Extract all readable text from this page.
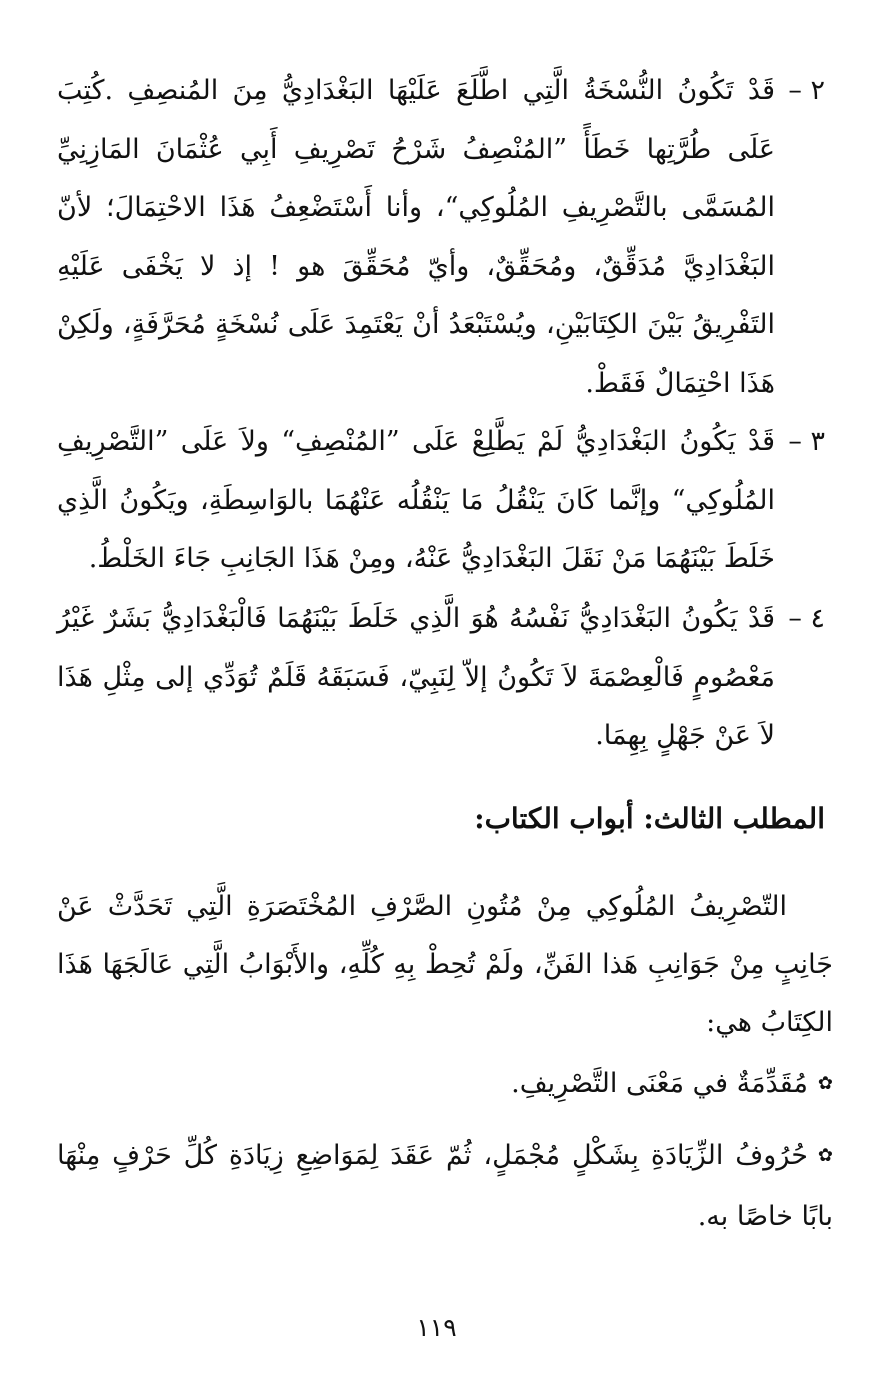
٢ –
قَدْ تَكُونُ النُّسْخَةُ الَّتِي اطَّلَعَ عَلَيْهَا البَغْدَادِيُّ مِنَ المُنصِفِ .كُتِبَ عَلَى طُرَّتِها خَطَأً ”المُنْصِفُ شَرْحُ تَصْرِيفِ أَبِي عُثْمَانَ المَازِنِيِّ المُسَمَّى بالتَّصْرِيفِ المُلُوكِي“، وأنا أَسْتَضْعِفُ هَذَا الاحْتِمَالَ؛ لأنّ البَغْدَادِيَّ مُدَقِّقٌ، ومُحَقِّقٌ، وأيّ مُحَقِّقَ هو ! إذ لا يَخْفَى عَلَيْهِ التَفْرِيقُ بَيْنَ الكِتَابَيْنِ، ويُسْتَبْعَدُ أنْ يَعْتَمِدَ عَلَى نُسْخَةٍ مُحَرَّفَةٍ، ولَكِنْ هَذَا احْتِمَالٌ فَقَطْ.
٣ –
قَدْ يَكُونُ البَغْدَادِيُّ لَمْ يَطَّلِعْ عَلَى ”المُنْصِفِ“ ولاَ عَلَى ”التَّصْرِيفِ المُلُوكِي“ وإنَّما كَانَ يَنْقُلُ مَا يَنْقُلُه عَنْهُمَا بالوَاسِطَةِ، ويَكُونُ الَّذِي خَلَطَ بَيْنَهُمَا مَنْ نَقَلَ البَغْدَادِيُّ عَنْهُ، ومِنْ هَذَا الجَانِبِ جَاءَ الخَلْطُ.
٤ –
قَدْ يَكُونُ البَغْدَادِيُّ نَفْسُهُ هُوَ الَّذِي خَلَطَ بَيْنَهُمَا فَالْبَغْدَادِيُّ بَشَرٌ غَيْرُ مَعْصُومٍ فَالْعِصْمَةَ لاَ تَكُونُ إلاّ لِنَبِيّ، فَسَبَقَهُ قَلَمٌ تُوَدِّي إلى مِثْلِ هَذَا لاَ عَنْ جَهْلٍ بِهِمَا.
المطلب الثالث: أبواب الكتاب:
التّصْرِيفُ المُلُوكِي مِنْ مُتُونِ الصَّرْفِ المُخْتَصَرَةِ الَّتِي تَحَدَّثْ عَنْ جَانِبٍ مِنْ جَوَانِبِ هَذا الفَنِّ، ولَمْ تُحِطْ بِهِ كُلِّهِ، والأَبْوَابُ الَّتِي عَالَجَهَا هَذَا الكِتَابُ هي:
✿مُقَدِّمَةٌ في مَعْنَى التَّصْرِيفِ.
✿حُرُوفُ الزِّيَادَةِ بِشَكْلٍ مُجْمَلٍ، ثُمّ عَقَدَ لِمَوَاضِعِ زِيَادَةِ كُلِّ حَرْفٍ مِنْهَا بابًا خاصًا به.
١١٩
